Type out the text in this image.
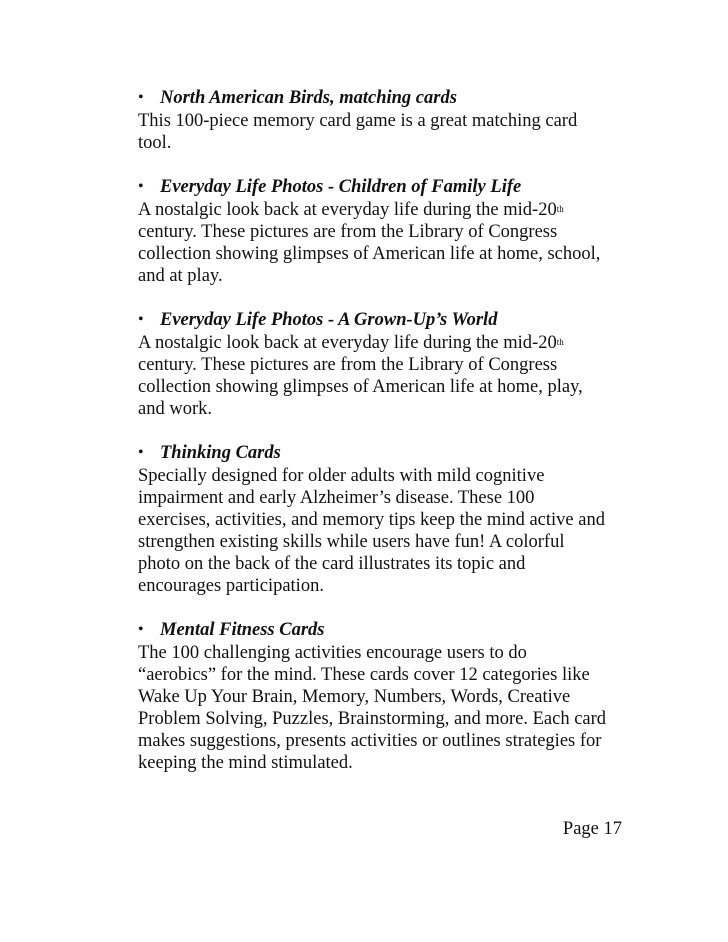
• North American Birds, matching cards
This 100-piece memory card game is a great matching card
tool.
• Everyday Life Photos - Children of Family Life
A nostalgic look back at everyday life during the mid-20th
century. These pictures are from the Library of Congress
collection showing glimpses of American life at home, school,
and at play.
• Everyday Life Photos - A Grown-Up’s World
A nostalgic look back at everyday life during the mid-20th
century. These pictures are from the Library of Congress
collection showing glimpses of American life at home, play,
and work.
• Thinking Cards
Specially designed for older adults with mild cognitive
impairment and early Alzheimer’s disease. These 100
exercises, activities, and memory tips keep the mind active and
strengthen existing skills while users have fun! A colorful
photo on the back of the card illustrates its topic and
encourages participation.
• Mental Fitness Cards
The 100 challenging activities encourage users to do
“aerobics” for the mind. These cards cover 12 categories like
Wake Up Your Brain, Memory, Numbers, Words, Creative
Problem Solving, Puzzles, Brainstorming, and more. Each card
makes suggestions, presents activities or outlines strategies for
keeping the mind stimulated.
Page 17
